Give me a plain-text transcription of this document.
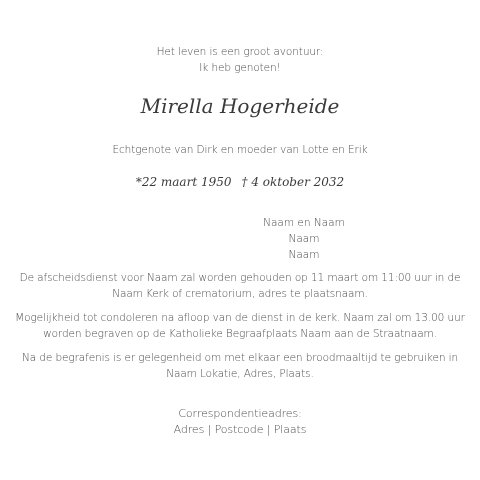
Het leven is een groot avontuur:
Ik heb genoten!
Mirella Hogerheide
Echtgenote van Dirk en moeder van Lotte en Erik
*22 maart 1950 † 4 oktober 2032
Naam en Naam
Naam
Naam
De afscheidsdienst voor Naam zal worden gehouden op 11 maart om 11:00 uur in de
Naam Kerk of crematorium, adres te plaatsnaam.
Mogelijkheid tot condoleren na afloop van de dienst in de kerk. Naam zal om 13.00 uur
worden begraven op de Katholieke Begraafplaats Naam aan de Straatnaam.
Na de begrafenis is er gelegenheid om met elkaar een broodmaaltijd te gebruiken in
Naam Lokatie, Adres, Plaats.
Correspondentieadres:
Adres | Postcode | Plaats
